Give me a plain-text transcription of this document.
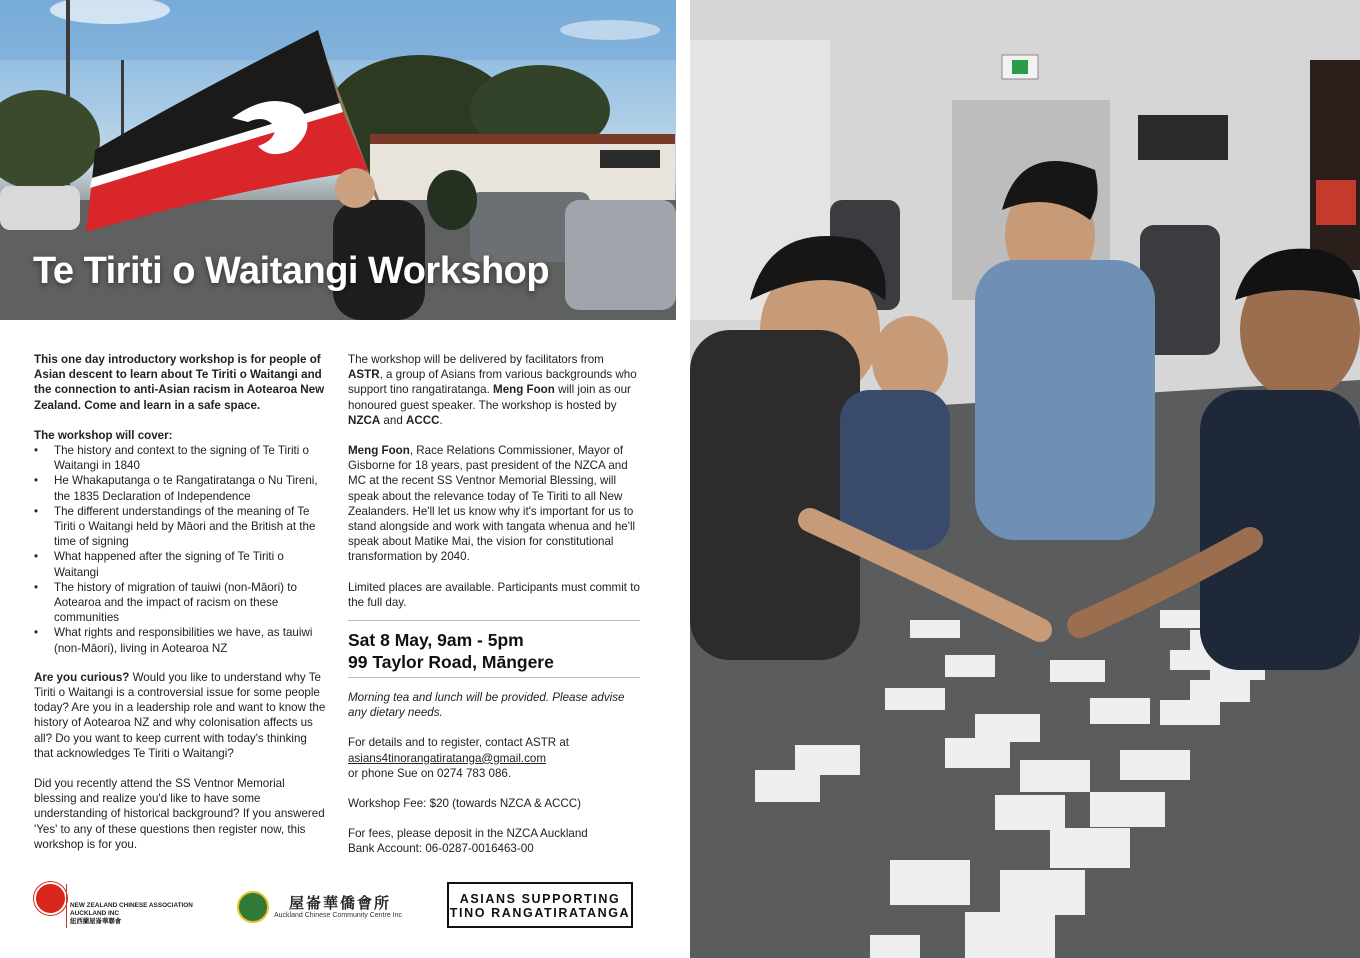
Te Tiriti o Waitangi Workshop

This one day introductory workshop is for people of Asian descent to learn about Te Tiriti o Waitangi and the connection to anti-Asian racism in Aotearoa New Zealand. Come and learn in a safe space.

The workshop will cover:
• The history and context to the signing of Te Tiriti o Waitangi in 1840
• He Whakaputanga o te Rangatiratanga o Nu Tireni, the 1835 Declaration of Independence
• The different understandings of the meaning of Te Tiriti o Waitangi held by Māori and the British at the time of signing
• What happened after the signing of Te Tiriti o Waitangi
• The history of migration of tauiwi (non-Māori) to Aotearoa and the impact of racism on these communities
• What rights and responsibilities we have, as tauiwi (non-Māori), living in Aotearoa NZ

Are you curious? Would you like to understand why Te Tiriti o Waitangi is a controversial issue for some people today? Are you in a leadership role and want to know the history of Aotearoa NZ and why colonisation affects us all? Do you want to keep current with today's thinking that acknowledges Te Tiriti o Waitangi?

Did you recently attend the SS Ventnor Memorial blessing and realize you'd like to have some understanding of historical background? If you answered 'Yes' to any of these questions then register now, this workshop is for you.

The workshop will be delivered by facilitators from ASTR, a group of Asians from various backgrounds who support tino rangatiratanga. Meng Foon will join as our honoured guest speaker. The workshop is hosted by NZCA and ACCC.

Meng Foon, Race Relations Commissioner, Mayor of Gisborne for 18 years, past president of the NZCA and MC at the recent SS Ventnor Memorial Blessing, will speak about the relevance today of Te Tiriti to all New Zealanders. He'll let us know why it's important for us to stand alongside and work with tangata whenua and he'll speak about Matike Mai, the vision for constitutional transformation by 2040.

Limited places are available. Participants must commit to the full day.

Sat 8 May, 9am - 5pm
99 Taylor Road, Māngere

Morning tea and lunch will be provided. Please advise any dietary needs.

For details and to register, contact ASTR at
asians4tinorangatiratanga@gmail.com
or phone Sue on 0274 783 086.

Workshop Fee: $20 (towards NZCA & ACCC)

For fees, please deposit in the NZCA Auckland
Bank Account: 06-0287-0016463-00

NEW ZEALAND CHINESE ASSOCIATION
AUCKLAND INC
紐西蘭屋崙華聯會
屋崙華僑會所
Auckland Chinese Community Centre Inc
ASIANS SUPPORTING
TINO RANGATIRATANGA
